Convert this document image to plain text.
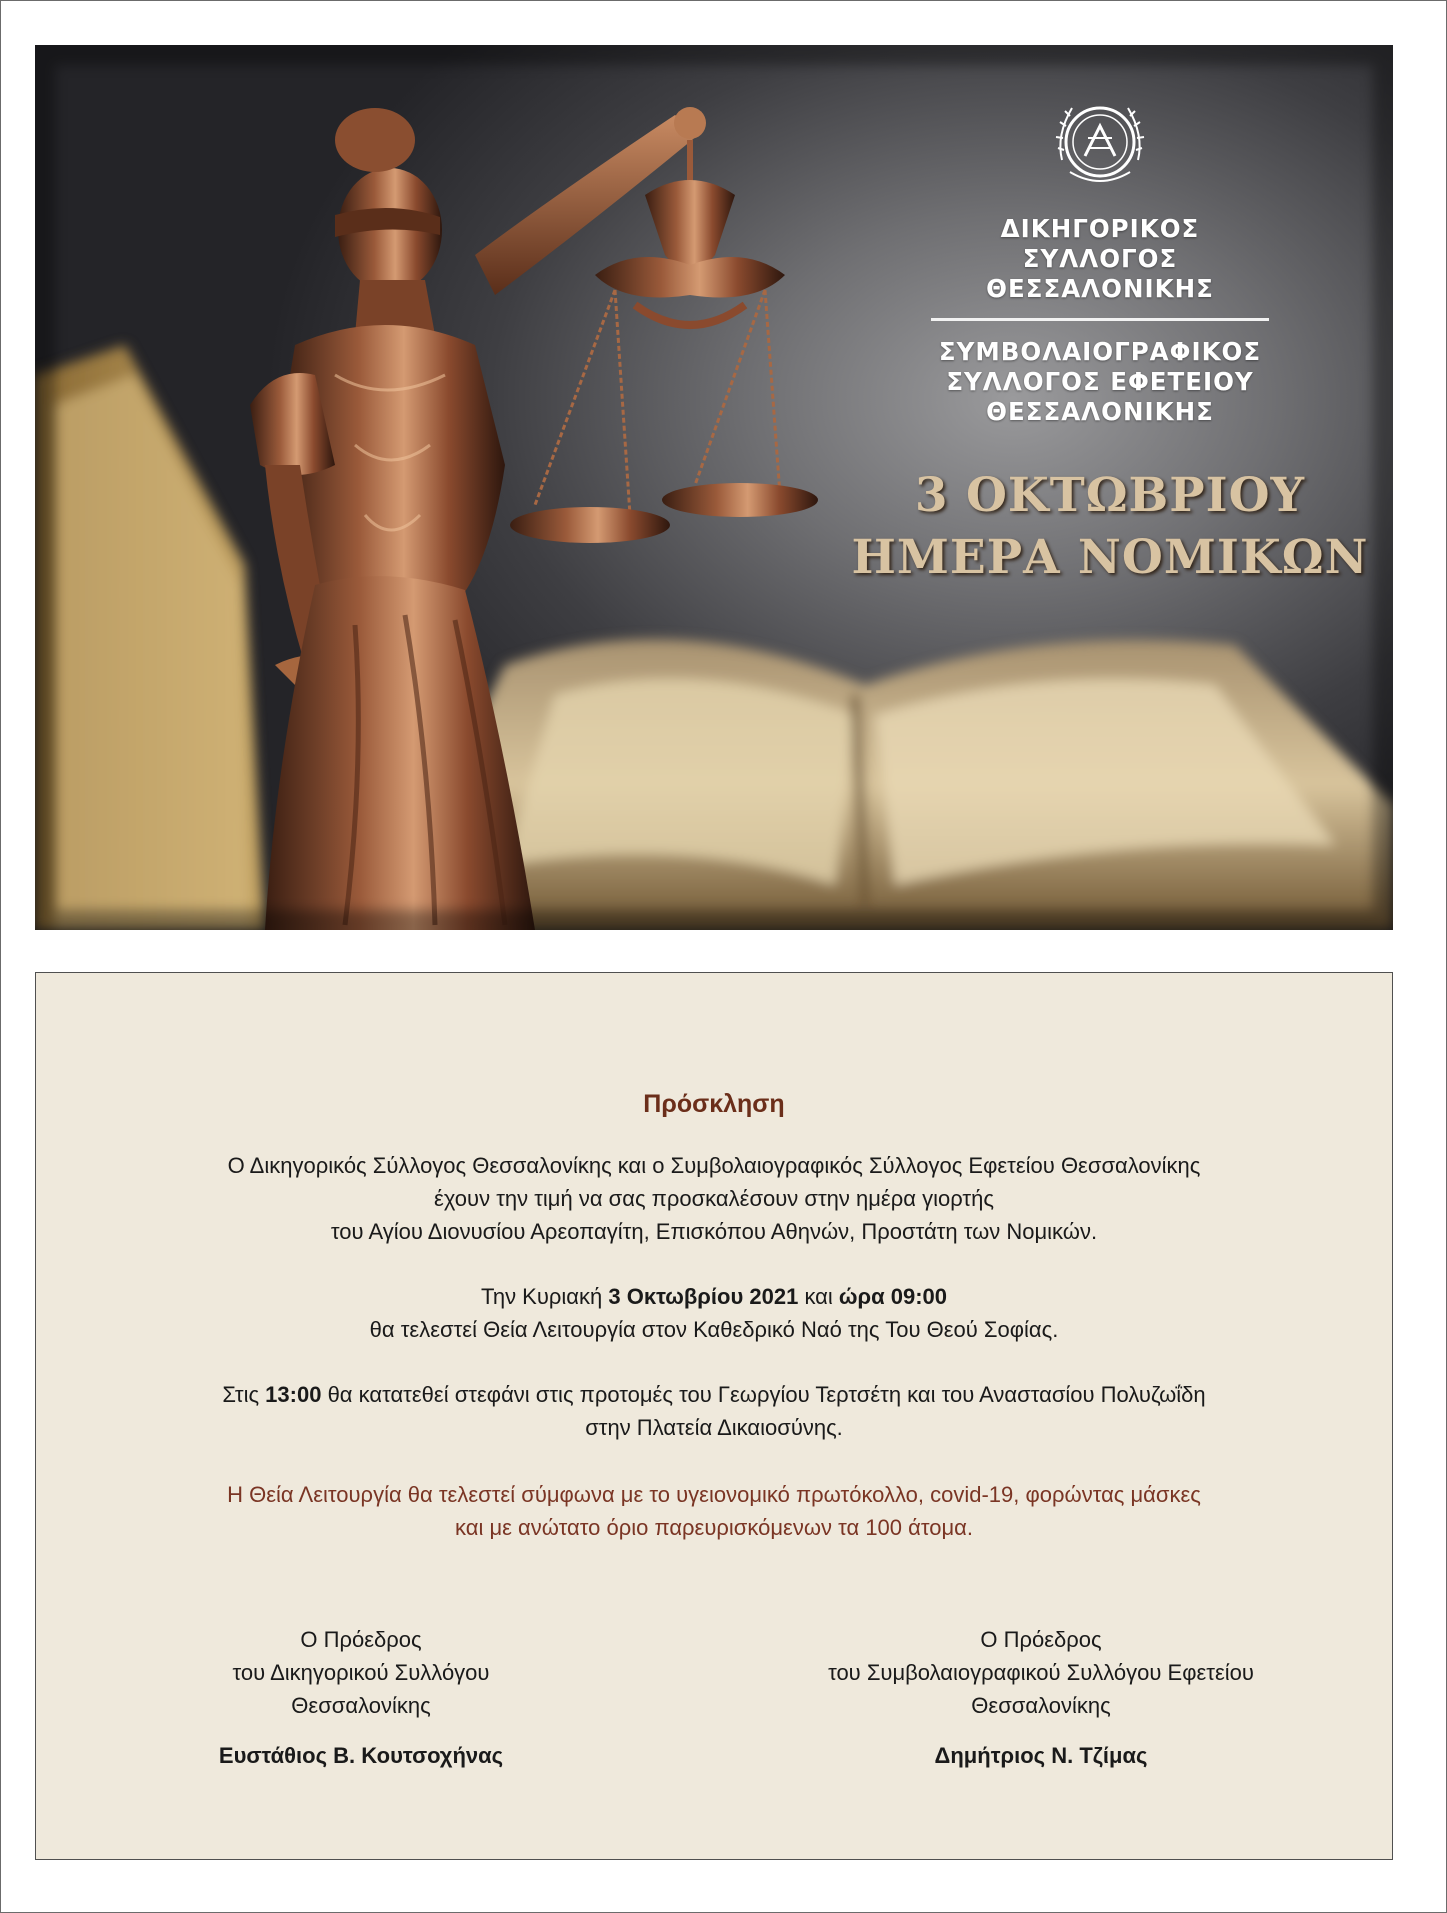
ΔΙΚΗΓΟΡΙΚΟΣ
ΣΥΛΛΟΓΟΣ
ΘΕΣΣΑΛΟΝΙΚΗΣ
ΣΥΜΒΟΛΑΙΟΓΡΑΦΙΚΟΣ
ΣΥΛΛΟΓΟΣ ΕΦΕΤΕΙΟΥ
ΘΕΣΣΑΛΟΝΙΚΗΣ
3 ΟΚΤΩΒΡΙΟΥ
ΗΜΕΡΑ ΝΟΜΙΚΩΝ
Πρόσκληση
Ο Δικηγορικός Σύλλογος Θεσσαλονίκης και ο Συμβολαιογραφικός Σύλλογος Εφετείου Θεσσαλονίκης
έχουν την τιμή να σας προσκαλέσουν στην ημέρα γιορτής
του Αγίου Διονυσίου Αρεοπαγίτη, Επισκόπου Αθηνών, Προστάτη των Νομικών.
Την Κυριακή 3 Οκτωβρίου 2021 και ώρα 09:00
θα τελεστεί Θεία Λειτουργία στον Καθεδρικό Ναό της Του Θεού Σοφίας.
Στις 13:00 θα κατατεθεί στεφάνι στις προτομές του Γεωργίου Τερτσέτη και του Αναστασίου Πολυζωΐδη
στην Πλατεία Δικαιοσύνης.
Η Θεία Λειτουργία θα τελεστεί σύμφωνα με το υγειονομικό πρωτόκολλο, covid-19, φορώντας μάσκες
και με ανώτατο όριο παρευρισκόμενων τα 100 άτομα.
Ο Πρόεδρος
του Δικηγορικού Συλλόγου
Θεσσαλονίκης
Ευστάθιος Β. Κουτσοχήνας
Ο Πρόεδρος
του Συμβολαιογραφικού Συλλόγου Εφετείου
Θεσσαλονίκης
Δημήτριος Ν. Τζίμας
